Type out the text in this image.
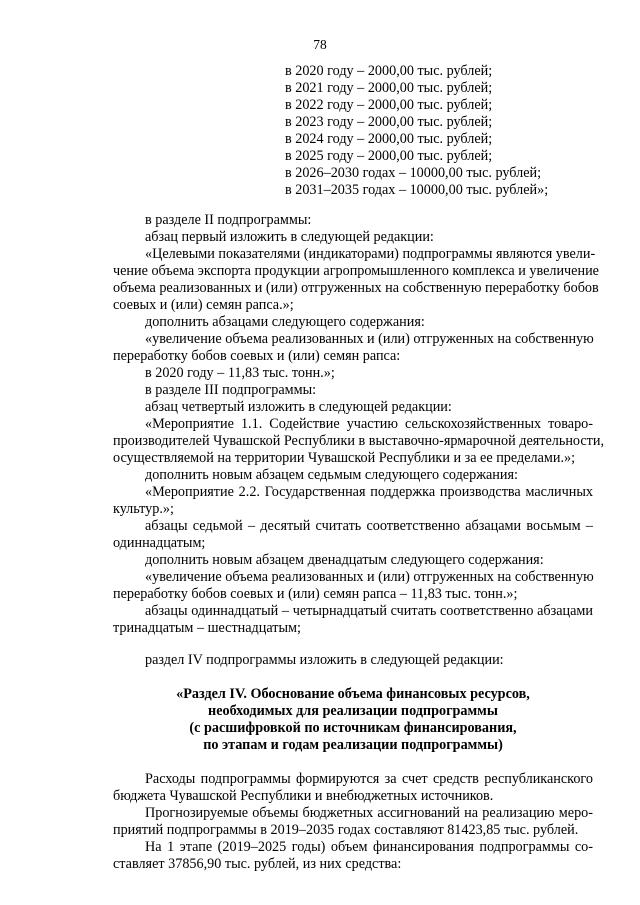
78
в 2020 году – 2000,00 тыс. рублей;
в 2021 году – 2000,00 тыс. рублей;
в 2022 году – 2000,00 тыс. рублей;
в 2023 году – 2000,00 тыс. рублей;
в 2024 году – 2000,00 тыс. рублей;
в 2025 году – 2000,00 тыс. рублей;
в 2026–2030 годах – 10000,00 тыс. рублей;
в 2031–2035 годах – 10000,00 тыс. рублей»;
в разделе II подпрограммы:
абзац первый изложить в следующей редакции:
«Целевыми показателями (индикаторами) подпрограммы являются увели-
чение объема экспорта продукции агропромышленного комплекса и увеличение
объема реализованных и (или) отгруженных на собственную переработку бобов
соевых и (или) семян рапса.»;
дополнить абзацами следующего содержания:
«увеличение объема реализованных и (или) отгруженных на собственную
переработку бобов соевых и (или) семян рапса:
в 2020 году – 11,83 тыс. тонн.»;
в разделе III подпрограммы:
абзац четвертый изложить в следующей редакции:
«Мероприятие 1.1. Содействие участию сельскохозяйственных товаро-
производителей Чувашской Республики в выставочно-ярмарочной деятельности,
осуществляемой на территории Чувашской Республики и за ее пределами.»;
дополнить новым абзацем седьмым следующего содержания:
«Мероприятие 2.2. Государственная поддержка производства масличных
культур.»;
абзацы седьмой – десятый считать соответственно абзацами восьмым –
одиннадцатым;
дополнить новым абзацем двенадцатым следующего содержания:
«увеличение объема реализованных и (или) отгруженных на собственную
переработку бобов соевых и (или) семян рапса – 11,83 тыс. тонн.»;
абзацы одиннадцатый – четырнадцатый считать соответственно абзацами
тринадцатым – шестнадцатым;
раздел IV подпрограммы изложить в следующей редакции:
«Раздел IV. Обоснование объема финансовых ресурсов,
необходимых для реализации подпрограммы
(с расшифровкой по источникам финансирования,
по этапам и годам реализации подпрограммы)
Расходы подпрограммы формируются за счет средств республиканского
бюджета Чувашской Республики и внебюджетных источников.
Прогнозируемые объемы бюджетных ассигнований на реализацию меро-
приятий подпрограммы в 2019–2035 годах составляют 81423,85 тыс. рублей.
На 1 этапе (2019–2025 годы) объем финансирования подпрограммы со-
ставляет 37856,90 тыс. рублей, из них средства:
